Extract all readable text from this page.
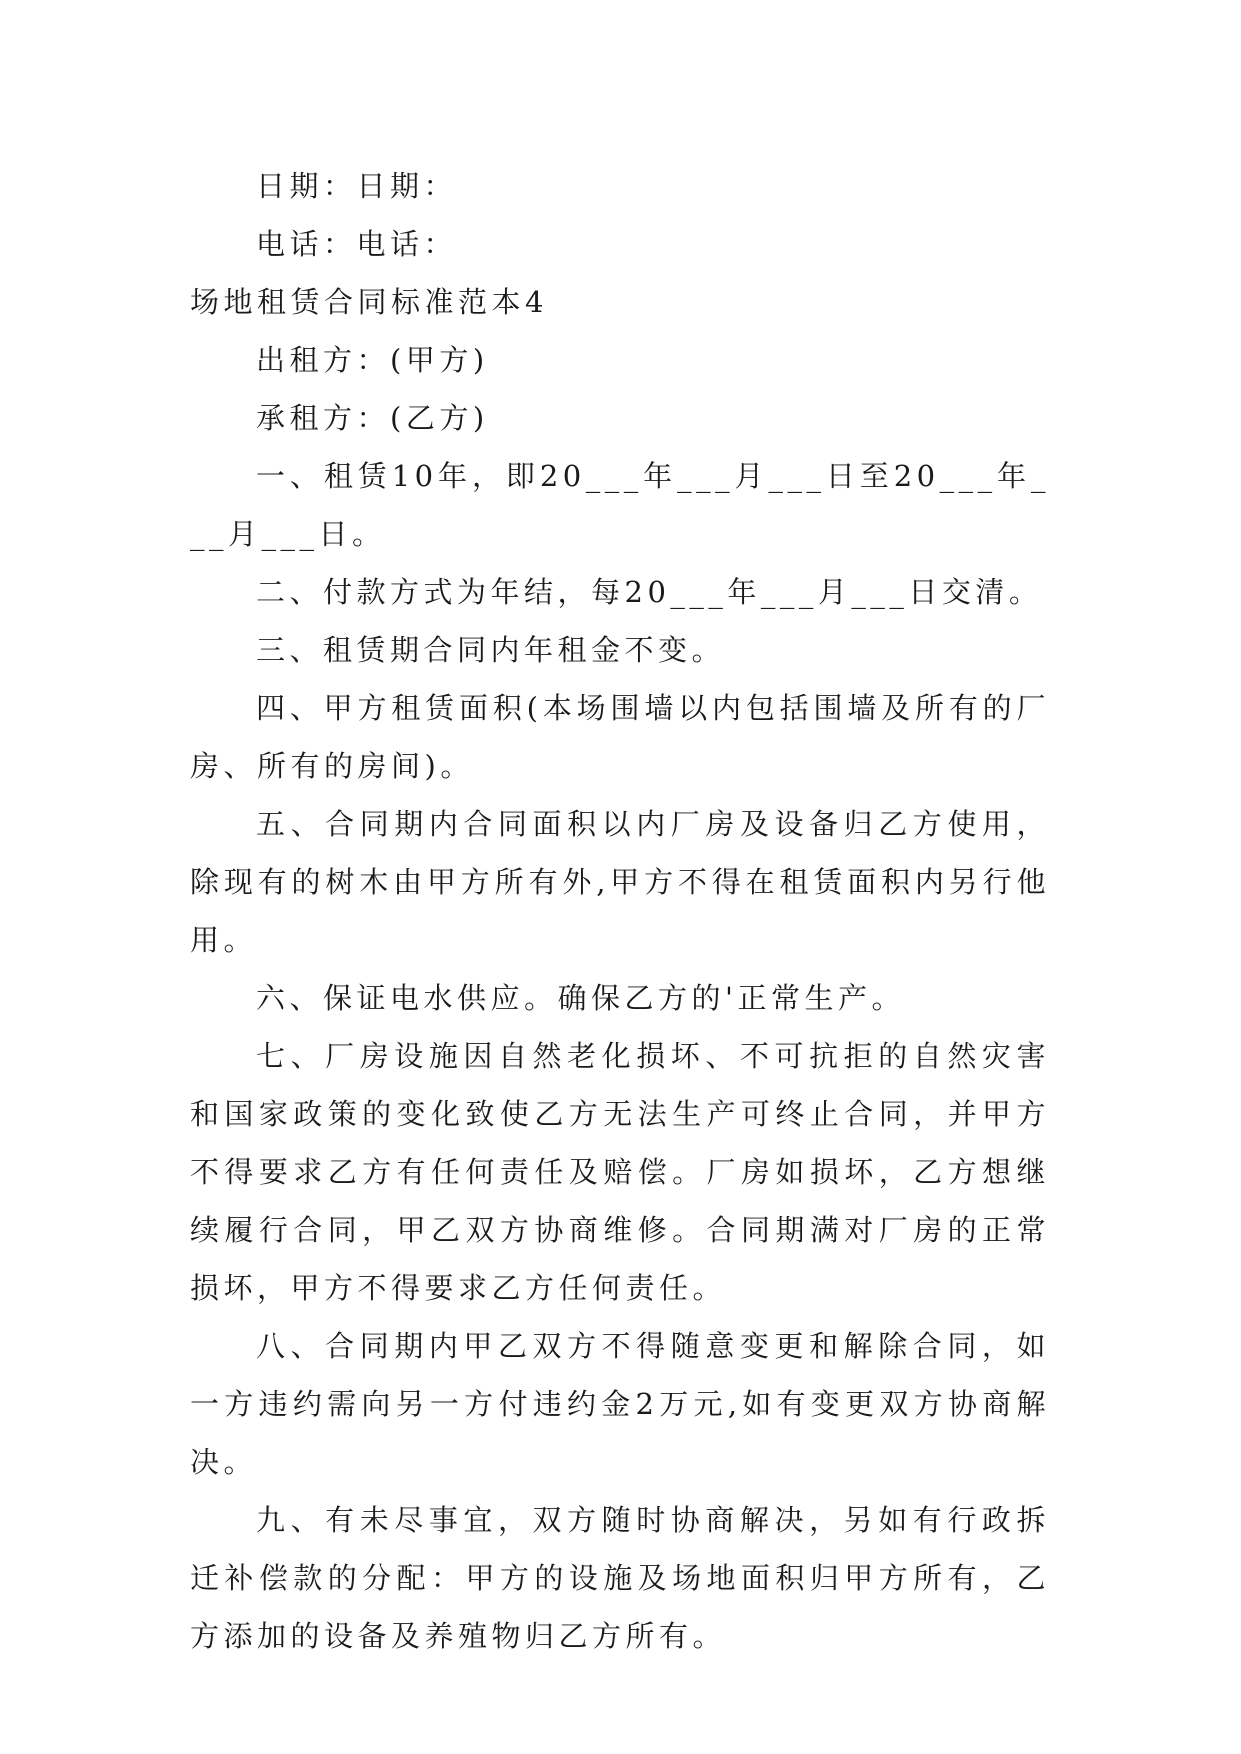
日期：日期：

电话：电话：

场地租赁合同标准范本4

出租方：(甲方)

承租方：(乙方)

一、租赁10年，即20___年___月___日至20___年___月___日。

二、付款方式为年结，每20___年___月___日交清。

三、租赁期合同内年租金不变。

四、甲方租赁面积(本场围墙以内包括围墙及所有的厂房、所有的房间)。

五、合同期内合同面积以内厂房及设备归乙方使用，除现有的树木由甲方所有外,甲方不得在租赁面积内另行他用。

六、保证电水供应。确保乙方的'正常生产。

七、厂房设施因自然老化损坏、不可抗拒的自然灾害和国家政策的变化致使乙方无法生产可终止合同，并甲方不得要求乙方有任何责任及赔偿。厂房如损坏，乙方想继续履行合同，甲乙双方协商维修。合同期满对厂房的正常损坏，甲方不得要求乙方任何责任。

八、合同期内甲乙双方不得随意变更和解除合同，如一方违约需向另一方付违约金2万元,如有变更双方协商解决。

九、有未尽事宜，双方随时协商解决，另如有行政拆迁补偿款的分配：甲方的设施及场地面积归甲方所有，乙方添加的设备及养殖物归乙方所有。
